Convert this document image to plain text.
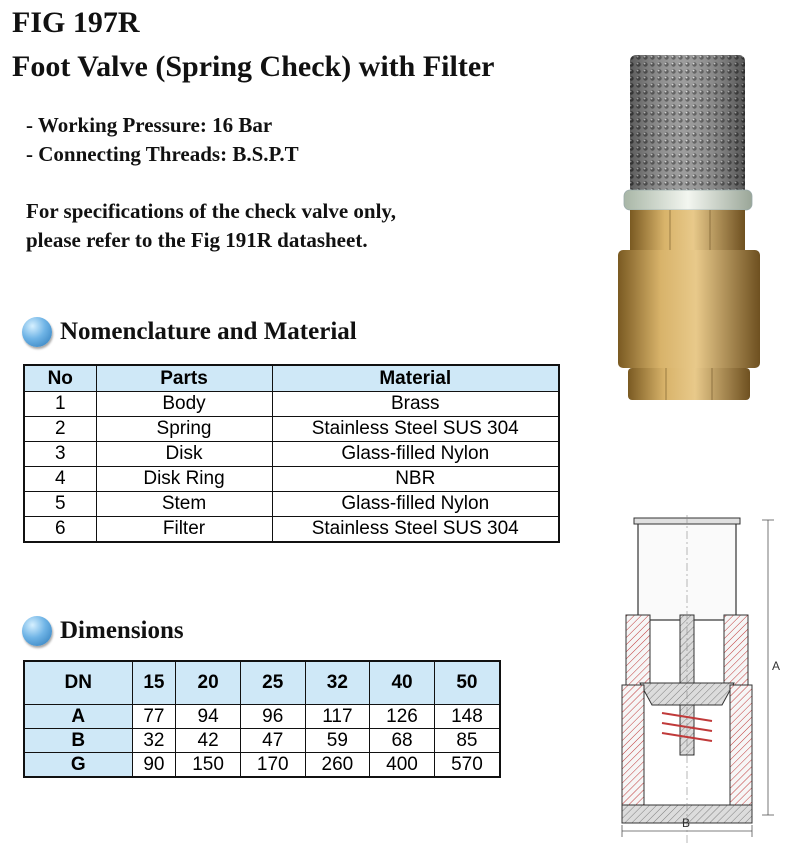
FIG 197R
Foot Valve (Spring Check) with Filter
- Working Pressure: 16 Bar
- Connecting Threads: B.S.P.T
For specifications of the check valve only,
please refer to the Fig 191R datasheet.
Nomenclature and Material
No	Parts	Material
1	Body	Brass
2	Spring	Stainless Steel SUS 304
3	Disk	Glass-filled Nylon
4	Disk Ring	NBR
5	Stem	Glass-filled Nylon
6	Filter	Stainless Steel SUS 304
Dimensions
DN	15	20	25	32	40	50
A	77	94	96	117	126	148
B	32	42	47	59	68	85
G	90	150	170	260	400	570
A
B
